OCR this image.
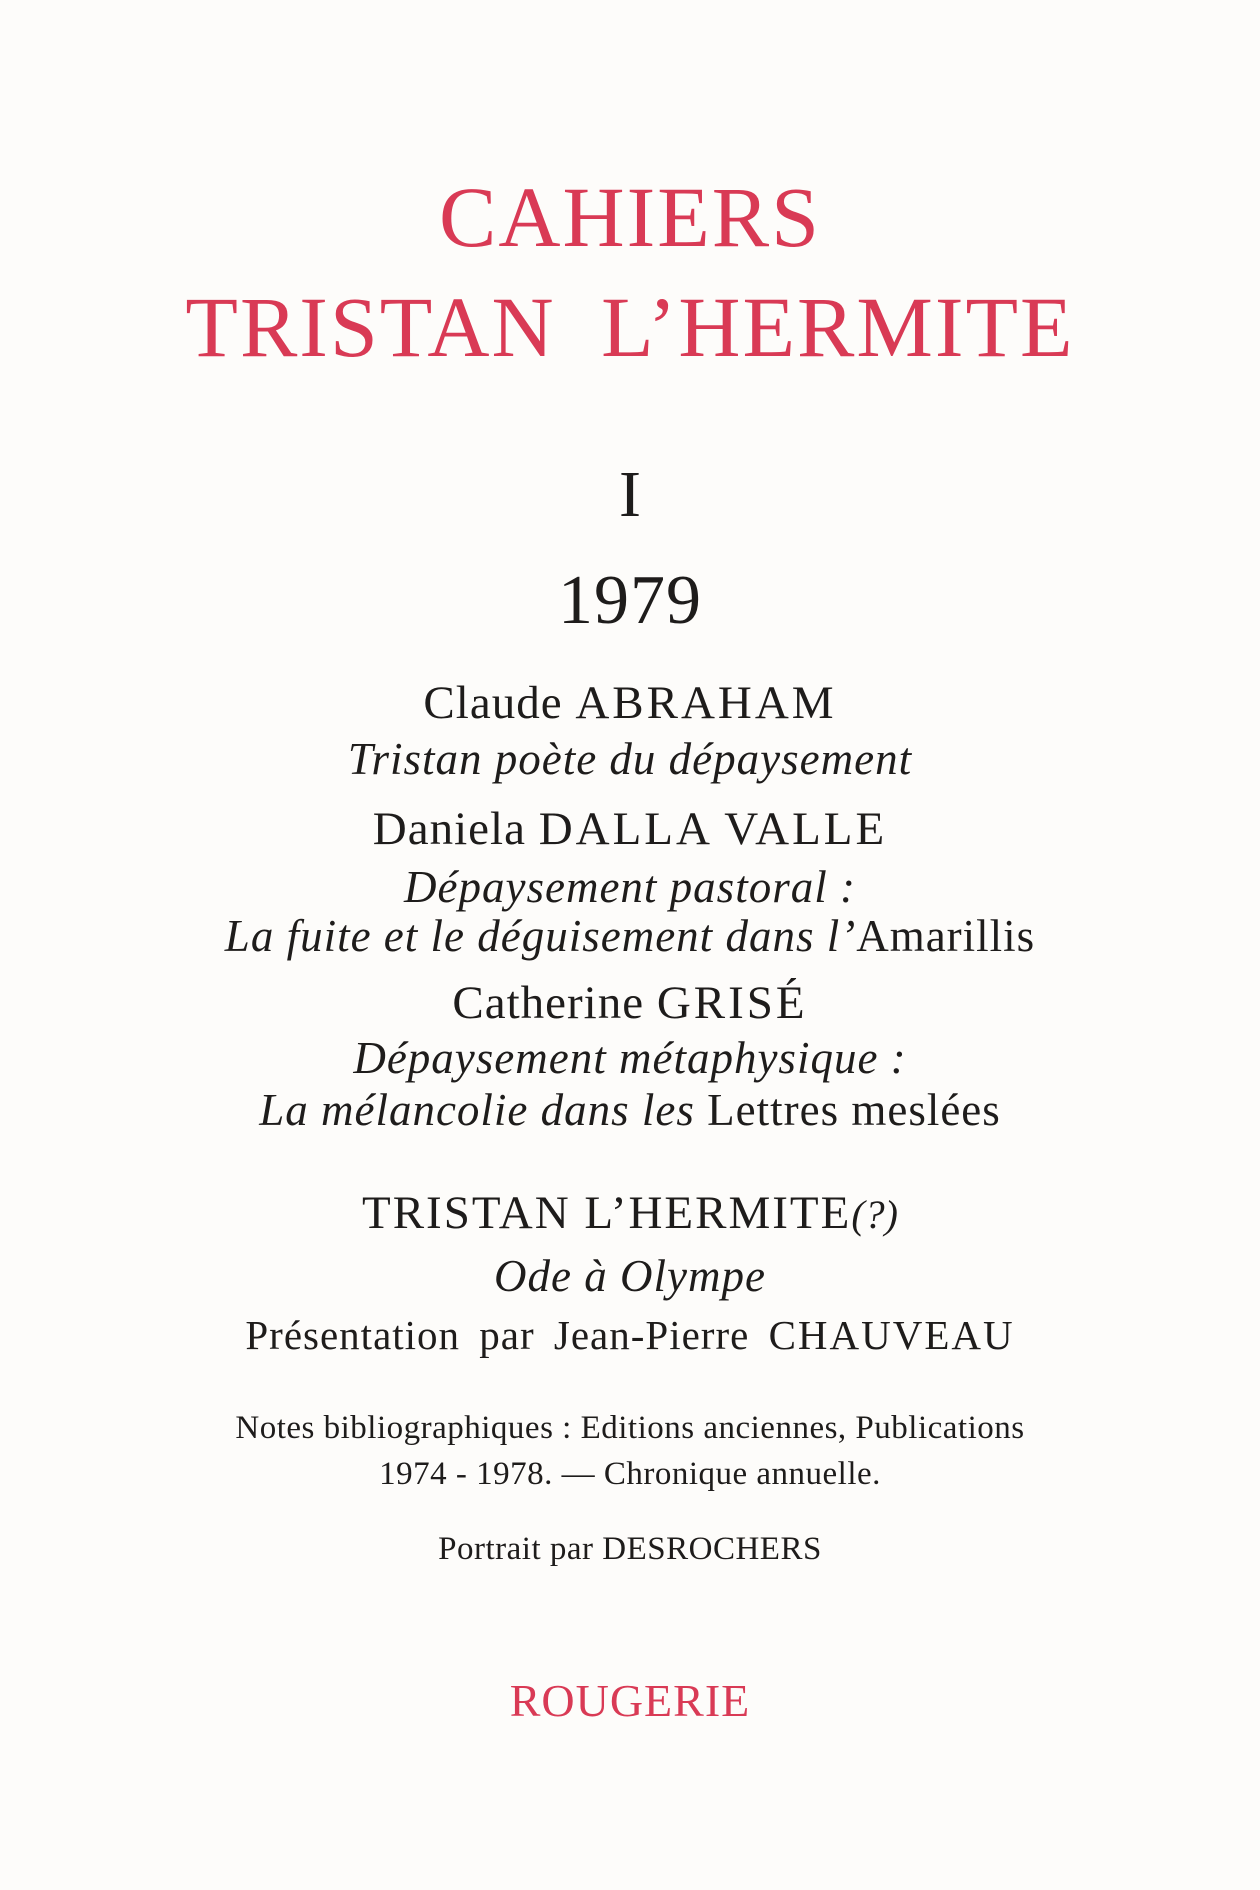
CAHIERS
TRISTAN L’HERMITE
I
1979
Claude ABRAHAM
Tristan poète du dépaysement
Daniela DALLA VALLE
Dépaysement pastoral :
La fuite et le déguisement dans l’Amarillis
Catherine GRISÉ
Dépaysement métaphysique :
La mélancolie dans les Lettres meslées
TRISTAN L’HERMITE(?)
Ode à Olympe
Présentation par Jean-Pierre CHAUVEAU
Notes bibliographiques : Editions anciennes, Publications
1974 - 1978. — Chronique annuelle.
Portrait par DESROCHERS
ROUGERIE
